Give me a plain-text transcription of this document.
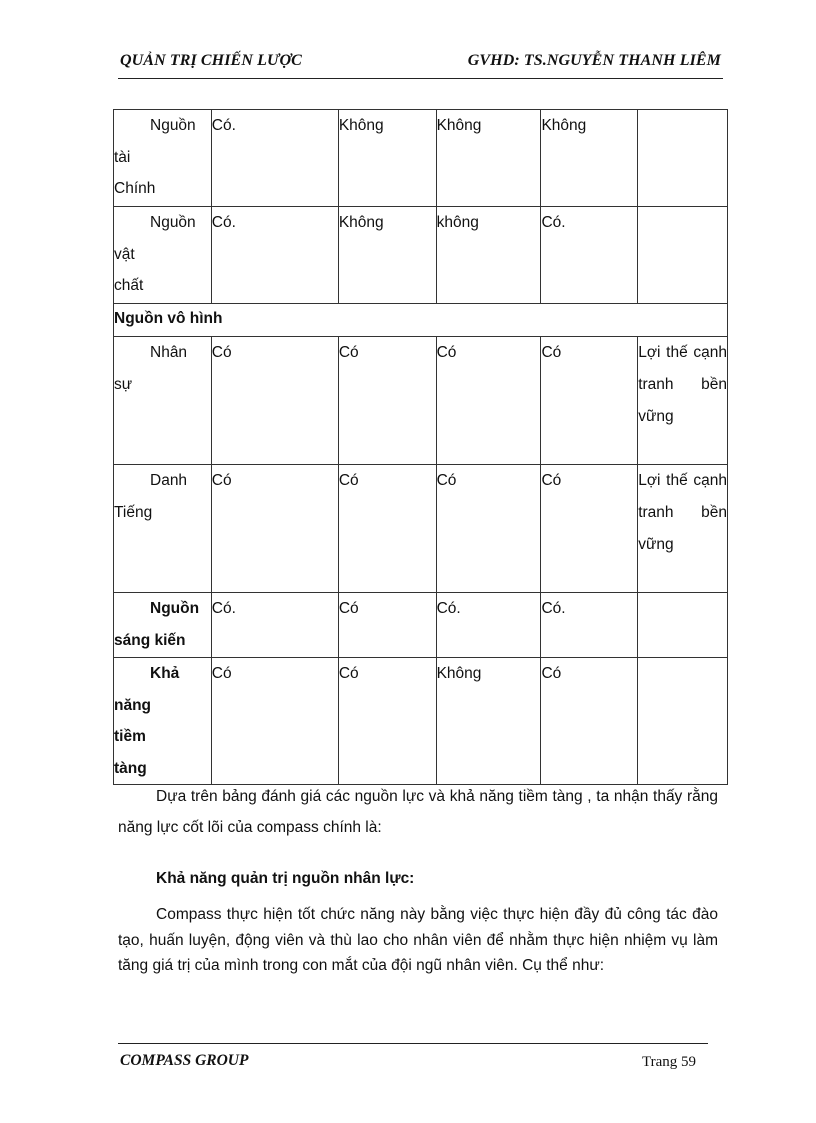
QUẢN TRỊ CHIẾN LƯỢC	GVHD: TS.NGUYỄN THANH LIÊM
Nguồn
tài
Chính	Có.	Không	Không	Không	

Nguồn
vật
chất	Có.	Không	không	Có.	
Nguồn vô hình					

Nhân
sự	Có	Có	Có	Có	Lợi thế cạnh tranh bền vững

Danh
Tiếng	Có	Có	Có	Có	Lợi thế cạnh tranh bền vững

Nguồn
sáng kiến	Có.	Có	Có.	Có.	

Khả
năng
tiềm
tàng	Có	Có	Không	Có	
Dựa trên bảng đánh giá các nguồn lực và khả năng tiềm tàng , ta nhận thấy rằng năng lực cốt lõi của compass chính là:
Khả năng quản trị nguồn nhân lực:
Compass thực hiện tốt chức năng này bằng việc thực hiện đầy đủ công tác đào tạo, huấn luyện, động viên và thù lao cho nhân viên để nhằm thực hiện nhiệm vụ làm tăng giá trị của mình trong con mắt của đội ngũ nhân viên. Cụ thể như:
COMPASS GROUP	Trang 59
